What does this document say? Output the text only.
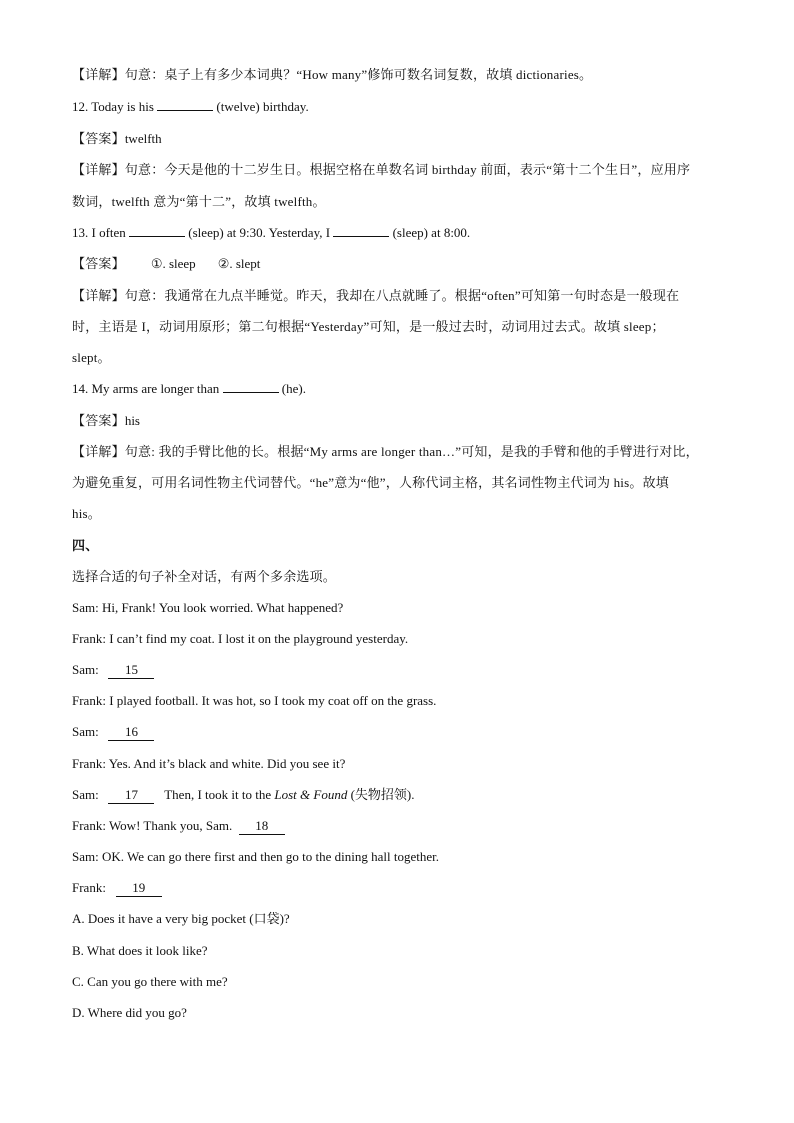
【详解】句意：桌子上有多少本词典？“How many”修饰可数名词复数，故填 dictionaries。
12. Today is his	(twelve) birthday.
【答案】twelfth
【详解】句意：今天是他的十二岁生日。根据空格在单数名词 birthday 前面，表示“第十二个生日”，应用序
数词，twelfth 意为“第十二”，故填 twelfth。
13. I often	(sleep) at 9:30. Yesterday, I	(sleep) at 8:00.
【答案】 ①. sleep ②. slept
【详解】句意：我通常在九点半睡觉。昨天，我却在八点就睡了。根据“often”可知第一句时态是一般现在
时，主语是 I，动词用原形；第二句根据“Yesterday”可知，是一般过去时，动词用过去式。故填 sleep；
slept。
14. My arms are longer than	(he).
【答案】his
【详解】句意: 我的手臂比他的长。根据“My arms are longer than…”可知，是我的手臂和他的手臂进行对比，
为避免重复，可用名词性物主代词替代。“he”意为“他”，人称代词主格，其名词性物主代词为 his。故填
his。
四、
选择合适的句子补全对话，有两个多余选项。
Sam: Hi, Frank! You look worried. What happened?
Frank: I can’t find my coat. I lost it on the playground yesterday.
Sam: 15
Frank: I played football. It was hot, so I took my coat off on the grass.
Sam: 16
Frank: Yes. And it’s black and white. Did you see it?
Sam: 17 Then, I took it to the Lost & Found (失物招领).
Frank: Wow! Thank you, Sam.  18
Sam: OK. We can go there first and then go to the dining hall together.
Frank: 19
A. Does it have a very big pocket (口袋)?
B. What does it look like?
C. Can you go there with me?
D. Where did you go?
